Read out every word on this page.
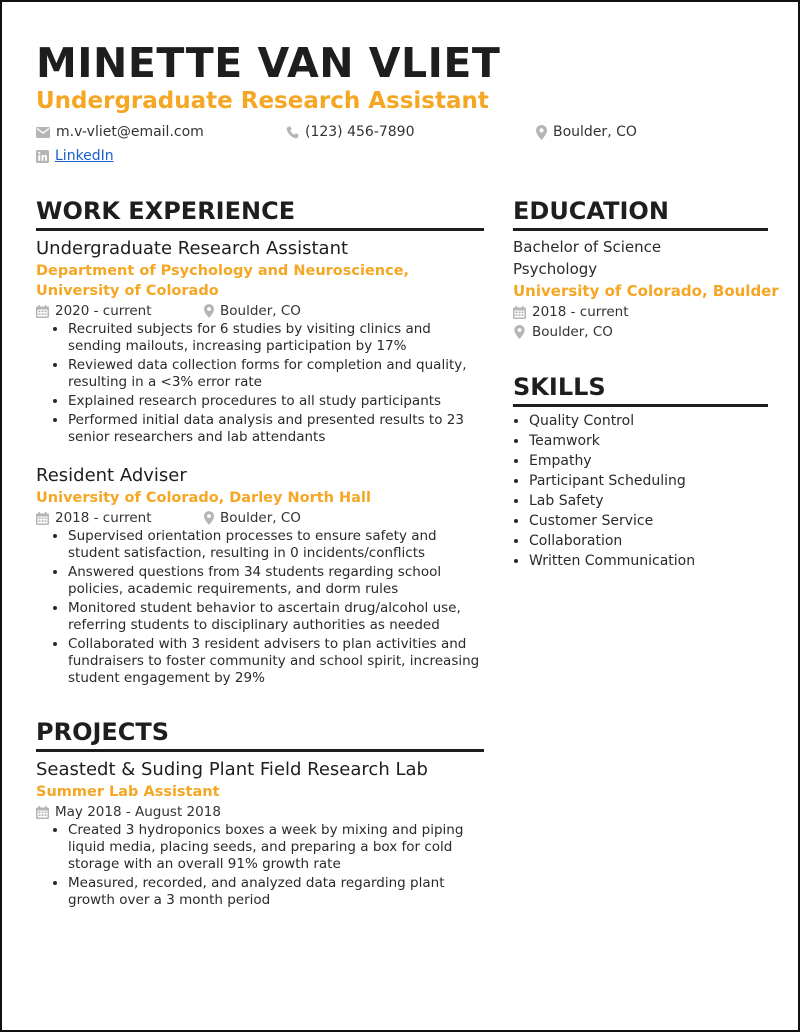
MINETTE VAN VLIET
Undergraduate Research Assistant
m.v-vliet@email.com	(123) 456-7890	Boulder, CO
LinkedIn
WORK EXPERIENCE
Undergraduate Research Assistant
Department of Psychology and Neuroscience, University of Colorado
2020 - current	Boulder, CO
• Recruited subjects for 6 studies by visiting clinics and sending mailouts, increasing participation by 17%
• Reviewed data collection forms for completion and quality, resulting in a <3% error rate
• Explained research procedures to all study participants
• Performed initial data analysis and presented results to 23 senior researchers and lab attendants
Resident Adviser
University of Colorado, Darley North Hall
2018 - current	Boulder, CO
• Supervised orientation processes to ensure safety and student satisfaction, resulting in 0 incidents/conflicts
• Answered questions from 34 students regarding school policies, academic requirements, and dorm rules
• Monitored student behavior to ascertain drug/alcohol use, referring students to disciplinary authorities as needed
• Collaborated with 3 resident advisers to plan activities and fundraisers to foster community and school spirit, increasing student engagement by 29%
PROJECTS
Seastedt & Suding Plant Field Research Lab
Summer Lab Assistant
May 2018 - August 2018
• Created 3 hydroponics boxes a week by mixing and piping liquid media, placing seeds, and preparing a box for cold storage with an overall 91% growth rate
• Measured, recorded, and analyzed data regarding plant growth over a 3 month period
EDUCATION
Bachelor of Science
Psychology
University of Colorado, Boulder
2018 - current
Boulder, CO
SKILLS
• Quality Control
• Teamwork
• Empathy
• Participant Scheduling
• Lab Safety
• Customer Service
• Collaboration
• Written Communication
